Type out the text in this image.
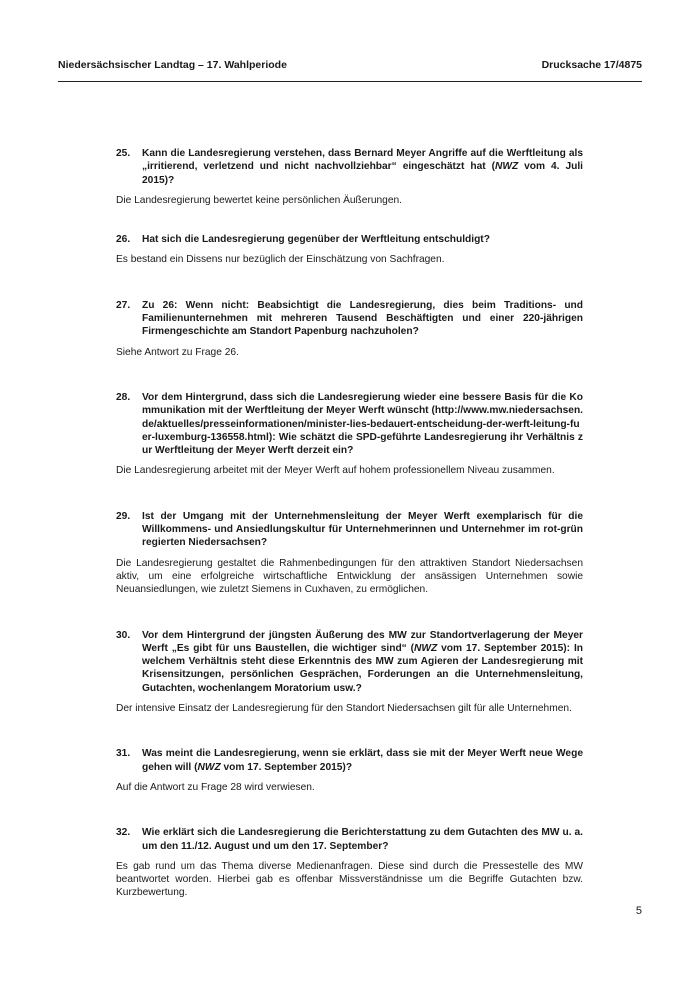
Niedersächsischer Landtag – 17. Wahlperiode	Drucksache 17/4875
25.	Kann die Landesregierung verstehen, dass Bernard Meyer Angriffe auf die Werftleitung als „irritierend, verletzend und nicht nachvollziehbar“ eingeschätzt hat (NWZ vom 4. Juli 2015)?
Die Landesregierung bewertet keine persönlichen Äußerungen.
26.	Hat sich die Landesregierung gegenüber der Werftleitung entschuldigt?
Es bestand ein Dissens nur bezüglich der Einschätzung von Sachfragen.
27.	Zu 26: Wenn nicht: Beabsichtigt die Landesregierung, dies beim Traditions- und Familienunternehmen mit mehreren Tausend Beschäftigten und einer 220-jährigen Firmengeschichte am Standort Papenburg nachzuholen?
Siehe Antwort zu Frage 26.
28.	Vor dem Hintergrund, dass sich die Landesregierung wieder eine bessere Basis für die Kommunikation mit der Werftleitung der Meyer Werft wünscht (http://www.mw.niedersachsen.de/aktuelles/presseinformationen/minister-lies-bedauert-entscheidung-der-werft-leitung-fuer-luxemburg-136558.html): Wie schätzt die SPD-geführte Landesregierung ihr Verhältnis zur Werftleitung der Meyer Werft derzeit ein?
Die Landesregierung arbeitet mit der Meyer Werft auf hohem professionellem Niveau zusammen.
29.	Ist der Umgang mit der Unternehmensleitung der Meyer Werft exemplarisch für die Willkommens- und Ansiedlungskultur für Unternehmerinnen und Unternehmer im rot-grün regierten Niedersachsen?
Die Landesregierung gestaltet die Rahmenbedingungen für den attraktiven Standort Niedersachsen aktiv, um eine erfolgreiche wirtschaftliche Entwicklung der ansässigen Unternehmen sowie Neuansiedlungen, wie zuletzt Siemens in Cuxhaven, zu ermöglichen.
30.	Vor dem Hintergrund der jüngsten Äußerung des MW zur Standortverlagerung der Meyer Werft „Es gibt für uns Baustellen, die wichtiger sind“ (NWZ vom 17. September 2015): In welchem Verhältnis steht diese Erkenntnis des MW zum Agieren der Landesregierung mit Krisensitzungen, persönlichen Gesprächen, Forderungen an die Unternehmensleitung, Gutachten, wochenlangem Moratorium usw.?
Der intensive Einsatz der Landesregierung für den Standort Niedersachsen gilt für alle Unternehmen.
31.	Was meint die Landesregierung, wenn sie erklärt, dass sie mit der Meyer Werft neue Wege gehen will (NWZ vom 17. September 2015)?
Auf die Antwort zu Frage 28 wird verwiesen.
32.	Wie erklärt sich die Landesregierung die Berichterstattung zu dem Gutachten des MW u. a. um den 11./12. August und um den 17. September?
Es gab rund um das Thema diverse Medienanfragen. Diese sind durch die Pressestelle des MW beantwortet worden. Hierbei gab es offenbar Missverständnisse um die Begriffe Gutachten bzw. Kurzbewertung.
5
